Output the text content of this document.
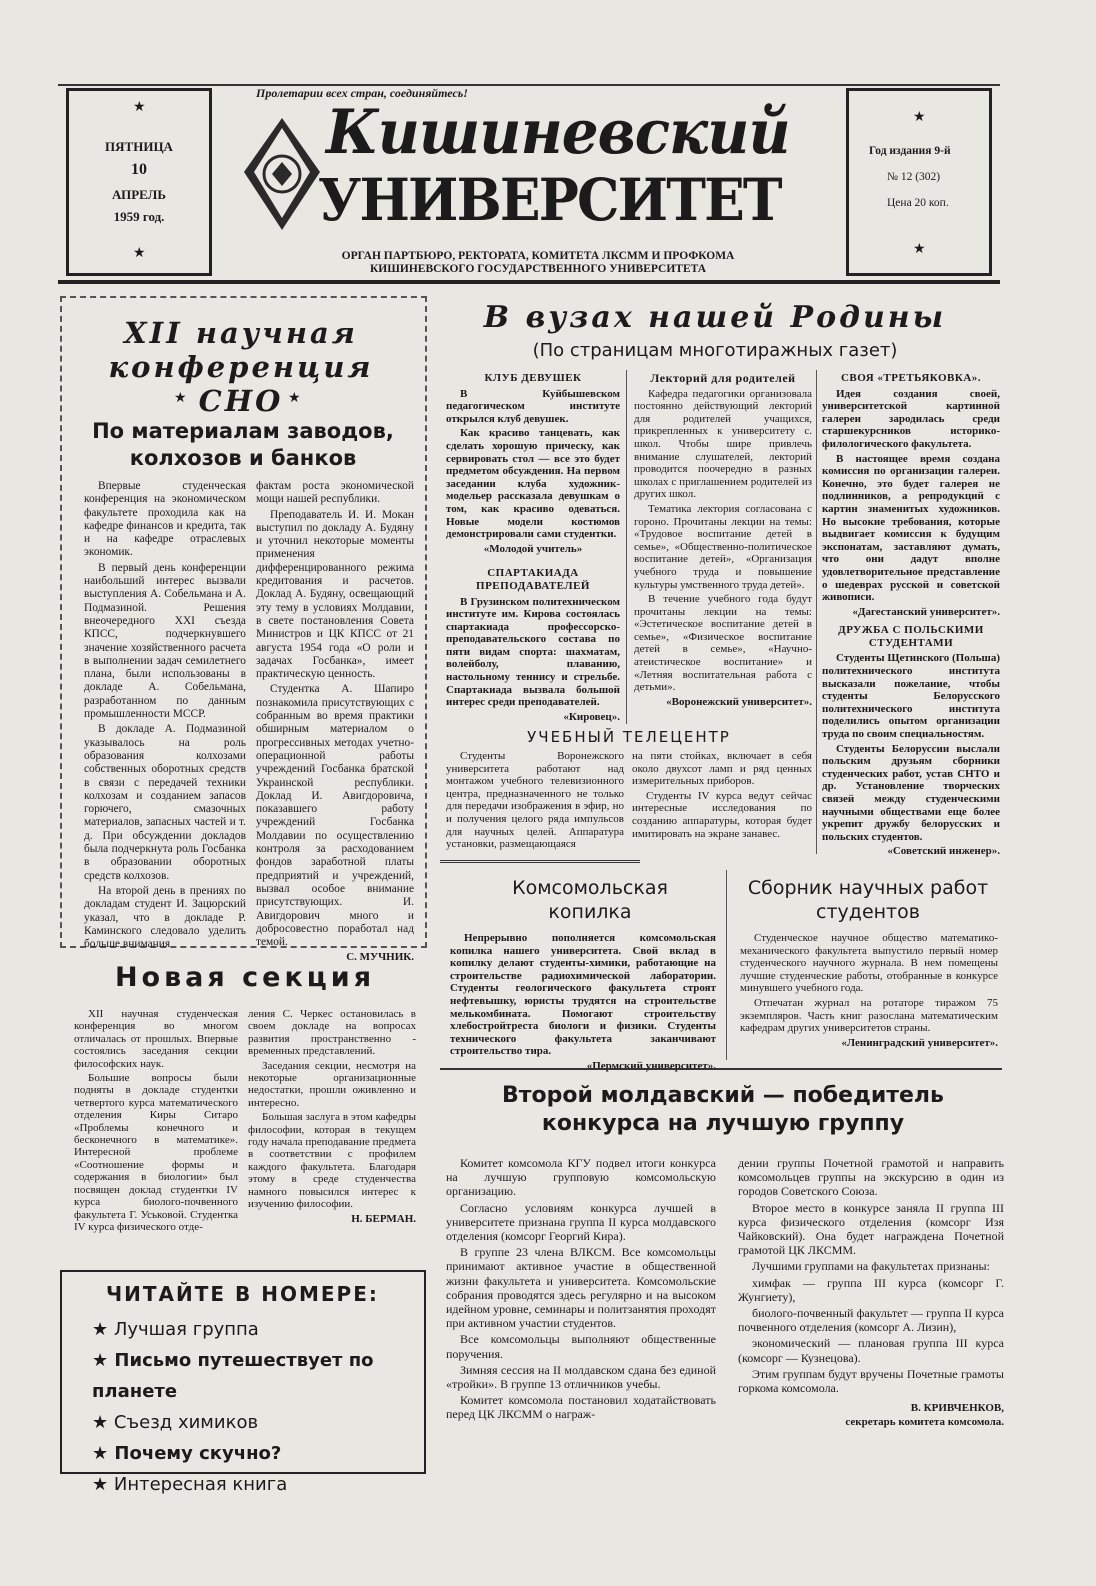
★
ПЯТНИЦА
10
АПРЕЛЬ
1959 год.
★
Пролетарии всех стран, соединяйтесь!
Кишиневский
УНИВЕРСИТЕТ
ОРГАН ПАРТБЮРО, РЕКТОРАТА, КОМИТЕТА ЛКСММ И ПРОФКОМА
КИШИНЕВСКОГО ГОСУДАРСТВЕННОГО УНИВЕРСИТЕТА
★
Год издания 9-й
№ 12 (302)
Цена 20 коп.
★
XII научная конференция СНО
★	★
По материалам заводов, колхозов и банков

Впервые студенческая конференция на экономическом факультете проходила как на кафедре финансов и кредита, так и на кафедре отраслевых экономик.

В первый день конференции наибольший интерес вызвали выступления А. Собельмана и А. Подмазиной. Решения внеочередного XXI съезда КПСС, подчеркнувшего значение хозяйственного расчета в выполнении задач семилетнего плана, были использованы в докладе А. Собельмана, разработанном по данным промышленности МССР.

В докладе А. Подмазиной указывалось на роль образования колхозами собственных оборотных средств в связи с передачей техники колхозам и созданием запасов горючего, смазочных материалов, запасных частей и т. д. При обсуждении докладов была подчеркнута роль Госбанка в образовании оборотных средств колхозов.

На второй день в прениях по докладам студент И. Зацюрский указал, что в докладе Р. Каминского следовало уделить больше внимания

фактам роста экономической мощи нашей республики.

Преподаватель И. И. Мокан выступил по докладу А. Будяну и уточнил некоторые моменты применения дифференцированного режима кредитования и расчетов. Доклад А. Будяну, освещающий эту тему в условиях Молдавии, в свете постановления Совета Министров и ЦК КПСС от 21 августа 1954 года «О роли и задачах Госбанка», имеет практическую ценность.

Студентка А. Шапиро познакомила присутствующих с собранным во время практики обширным материалом о прогрессивных методах учетно-операционной работы учреждений Госбанка братской Украинской республики. Доклад И. Авигдоровича, показавшего работу учреждений Госбанка Молдавии по осуществлению контроля за расходованием фондов заработной платы предприятий и учреждений, вызвал особое внимание присутствующих. И. Авигдорович много и добросовестно поработал над темой.

С. МУЧНИК.
Новая секция

XII научная студенческая конференция во многом отличалась от прошлых. Впервые состоялись заседания секции философских наук.

Большие вопросы были подняты в докладе студентки четвертого курса математического отделения Киры Ситаро «Проблемы конечного и бесконечного в математике». Интересной проблеме «Соотношение формы и содержания в биологии» был посвящен доклад студентки IV курса биолого-почвенного факультета Г. Уськовой. Студентка IV курса физического отде-

ления С. Черкес остановилась в своем докладе на вопросах развития пространственно - временных представлений.

Заседания секции, несмотря на некоторые организационные недостатки, прошли оживленно и интересно.

Большая заслуга в этом кафедры философии, которая в текущем году начала преподавание предмета в соответствии с профилем каждого факультета. Благодаря этому в среде студенчества намного повысился интерес к изучению философии.

Н. БЕРМАН.
ЧИТАЙТЕ В НОМЕРЕ:
★ Лучшая группа
★ Письмо путешествует по планете
★ Съезд химиков
★ Почему скучно?
★ Интересная книга
В вузах нашей Родины
(По страницам многотиражных газет)
КЛУБ ДЕВУШЕК

В Куйбышевском педагогическом институте открылся клуб девушек.

Как красиво танцевать, как сделать хорошую прическу, как сервировать стол — все это будет предметом обсуждения. На первом заседании клуба художник-модельер рассказала девушкам о том, как красиво одеваться. Новые модели костюмов демонстрировали сами студентки.

«Молодой учитель»
СПАРТАКИАДА ПРЕПОДАВАТЕЛЕЙ

В Грузинском политехническом институте им. Кирова состоялась спартакиада профессорско-преподавательского состава по пяти видам спорта: шахматам, волейболу, плаванию, настольному теннису и стрельбе. Спартакиада вызвала большой интерес среди преподавателей.

«Кировец».
Лекторий для родителей

Кафедра педагогики организовала постоянно действующий лекторий для родителей учащихся, прикрепленных к университету с. школ. Чтобы шире привлечь внимание слушателей, лекторий проводится поочередно в разных школах с приглашением родителей из других школ.

Тематика лектория согласована с гороно. Прочитаны лекции на темы: «Трудовое воспитание детей в семье», «Общественно-политическое воспитание детей», «Организация учебного труда и повышение культуры умственного труда детей».

В течение учебного года будут прочитаны лекции на темы: «Эстетическое воспитание детей в семье», «Физическое воспитание детей в семье», «Научно-атеистическое воспитание» и «Летняя воспитательная работа с детьми».

«Воронежский университет».
СВОЯ «ТРЕТЬЯКОВКА».

Идея создания своей, университетской картинной галереи зародилась среди старшекурсников историко-филологического факультета.

В настоящее время создана комиссия по организации галереи. Конечно, это будет галерея не подлинников, а репродукций с картин знаменитых художников. Но высокие требования, которые выдвигает комиссия к будущим экспонатам, заставляют думать, что они дадут вполне удовлетворительное представление о шедеврах русской и советской живописи.

«Дагестанский университет».
ДРУЖБА С ПОЛЬСКИМИ СТУДЕНТАМИ

Студенты Щетинского (Польша) политехнического института высказали пожелание, чтобы студенты Белорусского политехнического института поделились опытом организации труда по своим специальностям.

Студенты Белоруссии выслали польским друзьям сборники студенческих работ, устав СНТО и др. Установление творческих связей между студенческими научными обществами еще более укрепит дружбу белорусских и польских студентов.

«Советский инженер».
УЧЕБНЫЙ ТЕЛЕЦЕНТР

Студенты Воронежского университета работают над монтажом учебного телевизионного центра, предназначенного не только для передачи изображения в эфир, но и получения целого ряда импульсов для научных целей. Аппаратура установки, размещающаяся

на пяти стойках, включает в себя около двухсот ламп и ряд ценных измерительных приборов.

Студенты IV курса ведут сейчас интересные исследования по созданию аппаратуры, которая будет имитировать на экране занавес.

Комсомольская копилка

Непрерывно пополняется комсомольская копилка нашего университета. Свой вклад в копилку делают студенты-химики, работающие на строительстве радиохимической лаборатории. Студенты геологического факультета строят нефтевышку, юристы трудятся на строительстве мелькомбината. Помогают строительству хлебостройтреста биологи и физики. Студенты технического факультета заканчивают строительство тира.

«Пермский университет».
Сборник научных работ студентов

Студенческое научное общество математико-механического факультета выпустило первый номер студенческого научного журнала. В нем помещены лучшие студенческие работы, отобранные в конкурсе минувшего учебного года.

Отпечатан журнал на ротаторе тиражом 75 экземпляров. Часть книг разослана математическим кафедрам других университетов страны.

«Ленинградский университет».
Второй молдавский — победитель конкурса на лучшую группу

Комитет комсомола КГУ подвел итоги конкурса на лучшую групповую комсомольскую организацию.

Согласно условиям конкурса лучшей в университете признана группа II курса молдавского отделения (комсорг Георгий Кира).

В группе 23 члена ВЛКСМ. Все комсомольцы принимают активное участие в общественной жизни факультета и университета. Комсомольские собрания проводятся здесь регулярно и на высоком идейном уровне, семинары и политзанятия проходят при активном участии студентов.

Все комсомольцы выполняют общественные поручения.

Зимняя сессия на II молдавском сдана без единой «тройки». В группе 13 отличников учебы.

Комитет комсомола постановил ходатайствовать перед ЦК ЛКСММ о награж-

дении группы Почетной грамотой и направить комсомольцев группы на экскурсию в один из городов Советского Союза.

Второе место в конкурсе заняла II группа III курса физического отделения (комсорг Изя Чайковский). Она будет награждена Почетной грамотой ЦК ЛКСММ.

Лучшими группами на факультетах признаны:

химфак — группа III курса (комсорг Г. Жунгиету),

биолого-почвенный факультет — группа II курса почвенного отделения (комсорг А. Лизин),

экономический — плановая группа III курса (комсорг — Кузнецова).

Этим группам будут вручены Почетные грамоты горкома комсомола.

В. КРИВЧЕНКОВ,
секретарь комитета комсомола.
